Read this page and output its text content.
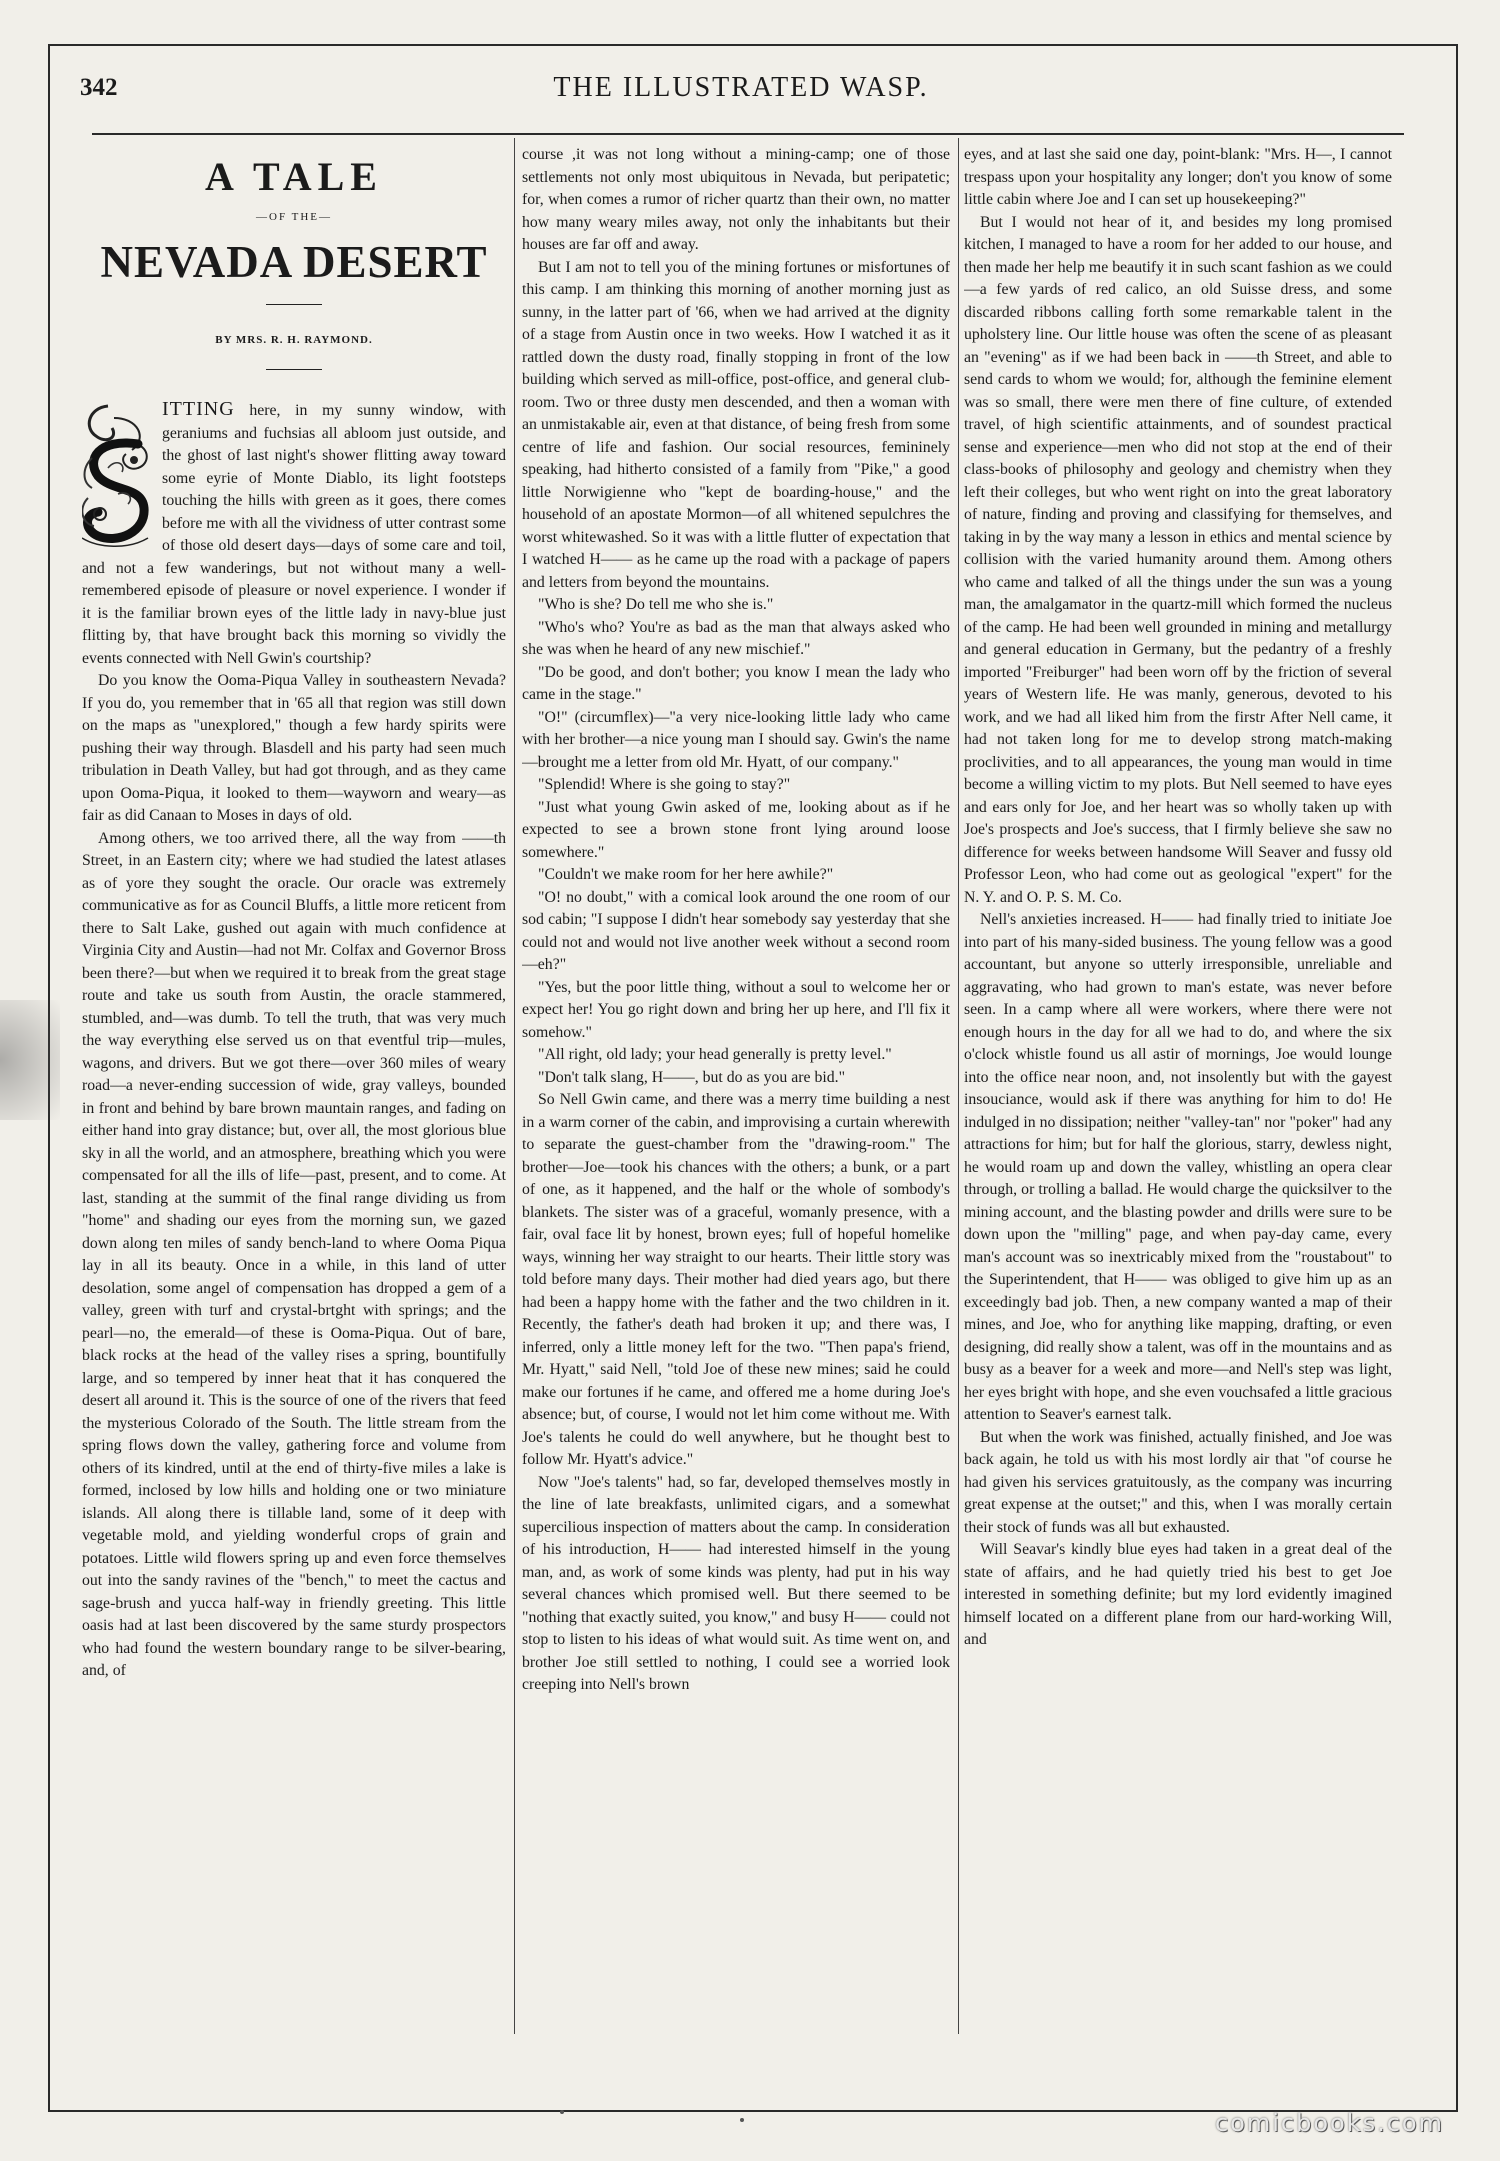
342	THE ILLUSTRATED WASP.
A TALE
—OF THE—
NEVADA DESERT
BY MRS. R. H. RAYMOND.

ITTING here, in my sunny window, with geraniums and fuchsias all abloom just outside, and the ghost of last night's shower flitting away toward some eyrie of Monte Diablo, its light footsteps touching the hills with green as it goes, there comes before me with all the vividness of utter contrast some of those old desert days—days of some care and toil, and not a few wanderings, but not without many a well-remembered episode of pleasure or novel experience. I wonder if it is the familiar brown eyes of the little lady in navy-blue just flitting by, that have brought back this morning so vividly the events connected with Nell Gwin's courtship?

Do you know the Ooma-Piqua Valley in southeastern Nevada? If you do, you remember that in '65 all that region was still down on the maps as "unexplored," though a few hardy spirits were pushing their way through. Blasdell and his party had seen much tribulation in Death Valley, but had got through, and as they came upon Ooma-Piqua, it looked to them—wayworn and weary—as fair as did Canaan to Moses in days of old.

Among others, we too arrived there, all the way from ——th Street, in an Eastern city; where we had studied the latest atlases as of yore they sought the oracle. Our oracle was extremely communicative as for as Council Bluffs, a little more reticent from there to Salt Lake, gushed out again with much confidence at Virginia City and Austin—had not Mr. Colfax and Governor Bross been there?—but when we required it to break from the great stage route and take us south from Austin, the oracle stammered, stumbled, and—was dumb. To tell the truth, that was very much the way everything else served us on that eventful trip—mules, wagons, and drivers. But we got there—over 360 miles of weary road—a never-ending succession of wide, gray valleys, bounded in front and behind by bare brown mauntain ranges, and fading on either hand into gray distance; but, over all, the most glorious blue sky in all the world, and an atmosphere, breathing which you were compensated for all the ills of life—past, present, and to come. At last, standing at the summit of the final range dividing us from "home" and shading our eyes from the morning sun, we gazed down along ten miles of sandy bench-land to where Ooma Piqua lay in all its beauty. Once in a while, in this land of utter desolation, some angel of compensation has dropped a gem of a valley, green with turf and crystal-brtght with springs; and the pearl—no, the emerald—of these is Ooma-Piqua. Out of bare, black rocks at the head of the valley rises a spring, bountifully large, and so tempered by inner heat that it has conquered the desert all around it. This is the source of one of the rivers that feed the mysterious Colorado of the South. The little stream from the spring flows down the valley, gathering force and volume from others of its kindred, until at the end of thirty-five miles a lake is formed, inclosed by low hills and holding one or two miniature islands. All along there is tillable land, some of it deep with vegetable mold, and yielding wonderful crops of grain and potatoes. Little wild flowers spring up and even force themselves out into the sandy ravines of the "bench," to meet the cactus and sage-brush and yucca half-way in friendly greeting. This little oasis had at last been discovered by the same sturdy prospectors who had found the western boundary range to be silver-bearing, and, of

course ,it was not long without a mining-camp; one of those settlements not only most ubiquitous in Nevada, but peripatetic; for, when comes a rumor of richer quartz than their own, no matter how many weary miles away, not only the inhabitants but their houses are far off and away.

But I am not to tell you of the mining fortunes or misfortunes of this camp. I am thinking this morning of another morning just as sunny, in the latter part of '66, when we had arrived at the dignity of a stage from Austin once in two weeks. How I watched it as it rattled down the dusty road, finally stopping in front of the low building which served as mill-office, post-office, and general club-room. Two or three dusty men descended, and then a woman with an unmistakable air, even at that distance, of being fresh from some centre of life and fashion. Our social resources, femininely speaking, had hitherto consisted of a family from "Pike," a good little Norwigienne who "kept de boarding-house," and the household of an apostate Mormon—of all whitened sepulchres the worst whitewashed. So it was with a little flutter of expectation that I watched H—— as he came up the road with a package of papers and letters from beyond the mountains.

"Who is she? Do tell me who she is."

"Who's who? You're as bad as the man that always asked who she was when he heard of any new mischief."

"Do be good, and don't bother; you know I mean the lady who came in the stage."

"O!" (circumflex)—"a very nice-looking little lady who came with her brother—a nice young man I should say. Gwin's the name—brought me a letter from old Mr. Hyatt, of our company."

"Splendid! Where is she going to stay?"

"Just what young Gwin asked of me, looking about as if he expected to see a brown stone front lying around loose somewhere."

"Couldn't we make room for her here awhile?"

"O! no doubt," with a comical look around the one room of our sod cabin; "I suppose I didn't hear somebody say yesterday that she could not and would not live another week without a second room —eh?"

"Yes, but the poor little thing, without a soul to welcome her or expect her! You go right down and bring her up here, and I'll fix it somehow."

"All right, old lady; your head generally is pretty level."

"Don't talk slang, H——, but do as you are bid."

So Nell Gwin came, and there was a merry time building a nest in a warm corner of the cabin, and improvising a curtain wherewith to separate the guest-chamber from the "drawing-room." The brother—Joe—took his chances with the others; a bunk, or a part of one, as it happened, and the half or the whole of sombody's blankets. The sister was of a graceful, womanly presence, with a fair, oval face lit by honest, brown eyes; full of hopeful homelike ways, winning her way straight to our hearts. Their little story was told before many days. Their mother had died years ago, but there had been a happy home with the father and the two children in it. Recently, the father's death had broken it up; and there was, I inferred, only a little money left for the two. "Then papa's friend, Mr. Hyatt," said Nell, "told Joe of these new mines; said he could make our fortunes if he came, and offered me a home during Joe's absence; but, of course, I would not let him come without me. With Joe's talents he could do well anywhere, but he thought best to follow Mr. Hyatt's advice."

Now "Joe's talents" had, so far, developed themselves mostly in the line of late breakfasts, unlimited cigars, and a somewhat supercilious inspection of matters about the camp. In consideration of his introduction, H—— had interested himself in the young man, and, as work of some kinds was plenty, had put in his way several chances which promised well. But there seemed to be "nothing that exactly suited, you know," and busy H—— could not stop to listen to his ideas of what would suit. As time went on, and brother Joe still settled to nothing, I could see a worried look creeping into Nell's brown

eyes, and at last she said one day, point-blank: "Mrs. H—, I cannot trespass upon your hospitality any longer; don't you know of some little cabin where Joe and I can set up housekeeping?"

But I would not hear of it, and besides my long promised kitchen, I managed to have a room for her added to our house, and then made her help me beautify it in such scant fashion as we could—a few yards of red calico, an old Suisse dress, and some discarded ribbons calling forth some remarkable talent in the upholstery line. Our little house was often the scene of as pleasant an "evening" as if we had been back in ——th Street, and able to send cards to whom we would; for, although the feminine element was so small, there were men there of fine culture, of extended travel, of high scientific attainments, and of soundest practical sense and experience—men who did not stop at the end of their class-books of philosophy and geology and chemistry when they left their colleges, but who went right on into the great laboratory of nature, finding and proving and classifying for themselves, and taking in by the way many a lesson in ethics and mental science by collision with the varied humanity around them. Among others who came and talked of all the things under the sun was a young man, the amalgamator in the quartz-mill which formed the nucleus of the camp. He had been well grounded in mining and metallurgy and general education in Germany, but the pedantry of a freshly imported "Freiburger" had been worn off by the friction of several years of Western life. He was manly, generous, devoted to his work, and we had all liked him from the firstr After Nell came, it had not taken long for me to develop strong match-making proclivities, and to all appearances, the young man would in time become a willing victim to my plots. But Nell seemed to have eyes and ears only for Joe, and her heart was so wholly taken up with Joe's prospects and Joe's success, that I firmly believe she saw no difference for weeks between handsome Will Seaver and fussy old Professor Leon, who had come out as geological "expert" for the N. Y. and O. P. S. M. Co.

Nell's anxieties increased. H—— had finally tried to initiate Joe into part of his many-sided business. The young fellow was a good accountant, but anyone so utterly irresponsible, unreliable and aggravating, who had grown to man's estate, was never before seen. In a camp where all were workers, where there were not enough hours in the day for all we had to do, and where the six o'clock whistle found us all astir of mornings, Joe would lounge into the office near noon, and, not insolently but with the gayest insouciance, would ask if there was anything for him to do! He indulged in no dissipation; neither "valley-tan" nor "poker" had any attractions for him; but for half the glorious, starry, dewless night, he would roam up and down the valley, whistling an opera clear through, or trolling a ballad. He would charge the quicksilver to the mining account, and the blasting powder and drills were sure to be down upon the "milling" page, and when pay-day came, every man's account was so inextricably mixed from the "roustabout" to the Superintendent, that H—— was obliged to give him up as an exceedingly bad job. Then, a new company wanted a map of their mines, and Joe, who for anything like mapping, drafting, or even designing, did really show a talent, was off in the mountains and as busy as a beaver for a week and more—and Nell's step was light, her eyes bright with hope, and she even vouchsafed a little gracious attention to Seaver's earnest talk.

But when the work was finished, actually finished, and Joe was back again, he told us with his most lordly air that "of course he had given his services gratuitously, as the company was incurring great expense at the outset;" and this, when I was morally certain their stock of funds was all but exhausted.

Will Seavar's kindly blue eyes had taken in a great deal of the state of affairs, and he had quietly tried his best to get Joe interested in something definite; but my lord evidently imagined himself located on a different plane from our hard-working Will, and

comicbooks.com
